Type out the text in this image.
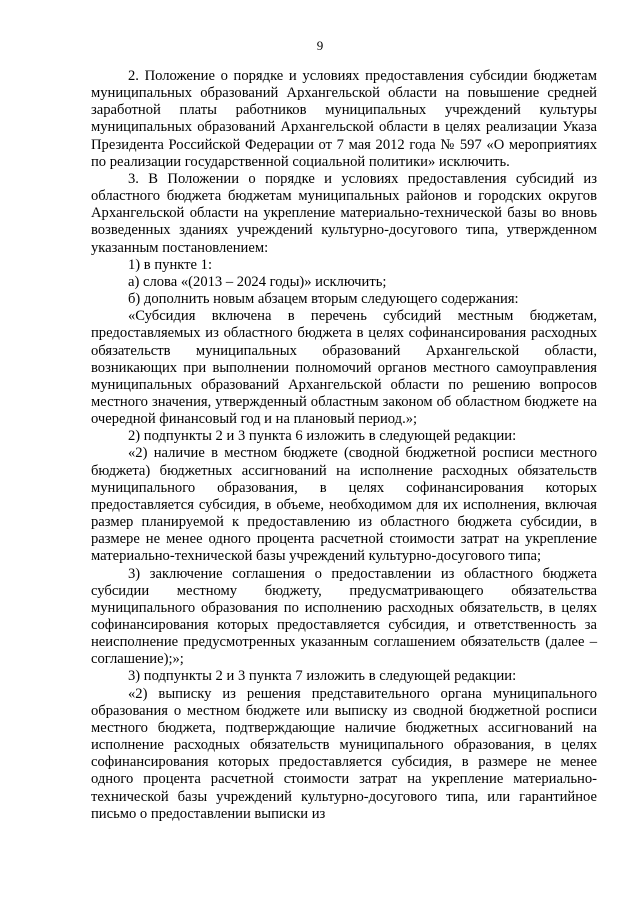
9

2. Положение о порядке и условиях предоставления субсидии бюджетам муниципальных образований Архангельской области на повышение средней заработной платы работников муниципальных учреждений культуры муниципальных образований Архангельской области в целях реализации Указа Президента Российской Федерации от 7 мая 2012 года № 597 «О мероприятиях по реализации государственной социальной политики» исключить.

3. В Положении о порядке и условиях предоставления субсидий из областного бюджета бюджетам муниципальных районов и городских округов Архангельской области на укрепление материально-технической базы во вновь возведенных зданиях учреждений культурно-досугового типа, утвержденном указанным постановлением:

1) в пункте 1:

а) слова «(2013 – 2024 годы)» исключить;

б) дополнить новым абзацем вторым следующего содержания:

«Субсидия включена в перечень субсидий местным бюджетам, предоставляемых из областного бюджета в целях софинансирования расходных обязательств муниципальных образований Архангельской области, возникающих при выполнении полномочий органов местного самоуправления муниципальных образований Архангельской области по решению вопросов местного значения, утвержденный областным законом об областном бюджете на очередной финансовый год и на плановый период.»;

2) подпункты 2 и 3 пункта 6 изложить в следующей редакции:

«2) наличие в местном бюджете (сводной бюджетной росписи местного бюджета) бюджетных ассигнований на исполнение расходных обязательств муниципального образования, в целях софинансирования которых предоставляется субсидия, в объеме, необходимом для их исполнения, включая размер планируемой к предоставлению из областного бюджета субсидии, в размере не менее одного процента расчетной стоимости затрат на укрепление материально-технической базы учреждений культурно-досугового типа;

3) заключение соглашения о предоставлении из областного бюджета субсидии местному бюджету, предусматривающего обязательства муниципального образования по исполнению расходных обязательств, в целях софинансирования которых предоставляется субсидия, и ответственность за неисполнение предусмотренных указанным соглашением обязательств (далее – соглашение);»;

3) подпункты 2 и 3 пункта 7 изложить в следующей редакции:

«2) выписку из решения представительного органа муниципального образования о местном бюджете или выписку из сводной бюджетной росписи местного бюджета, подтверждающие наличие бюджетных ассигнований на исполнение расходных обязательств муниципального образования, в целях софинансирования которых предоставляется субсидия, в размере не менее одного процента расчетной стоимости затрат на укрепление материально-технической базы учреждений культурно-досугового типа, или гарантийное письмо о предоставлении выписки из
